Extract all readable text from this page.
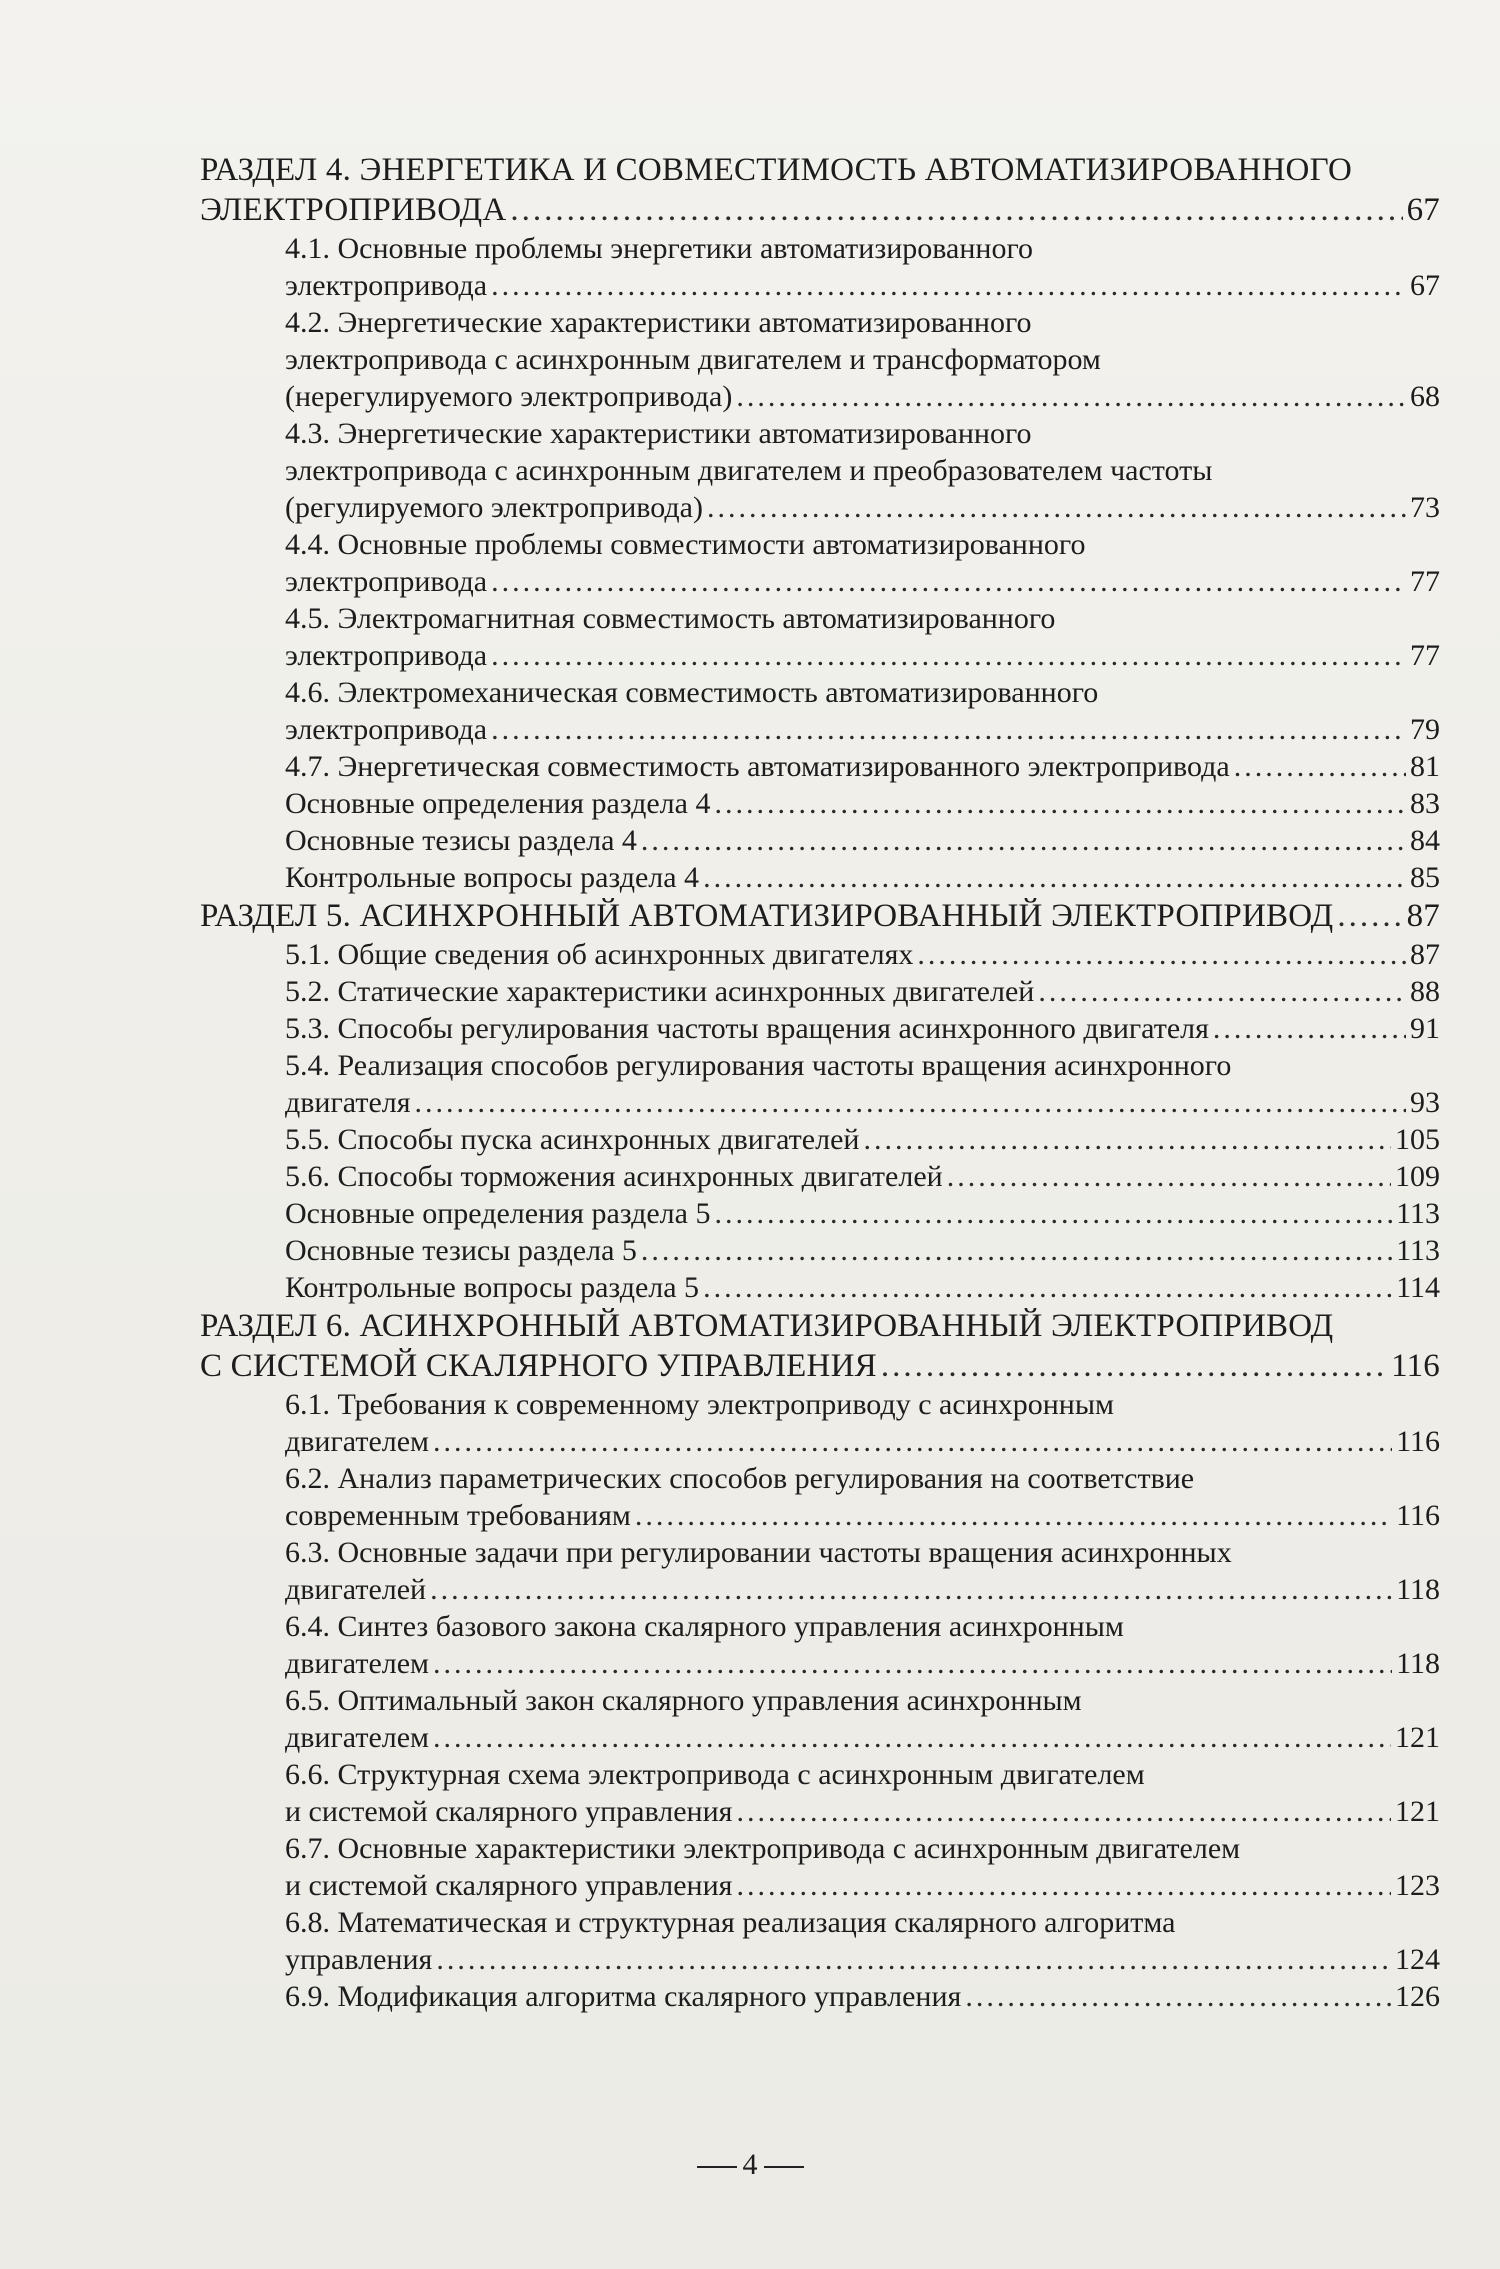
РАЗДЕЛ 4. ЭНЕРГЕТИКА И СОВМЕСТИМОСТЬ АВТОМАТИЗИРОВАННОГО
ЭЛЕКТРОПРИВОДА .....	67
4.1. Основные проблемы энергетики автоматизированного
электропривода .....	67
4.2. Энергетические характеристики автоматизированного
электропривода с асинхронным двигателем и трансформатором
(нерегулируемого электропривода) .....	68
4.3. Энергетические характеристики автоматизированного
электропривода с асинхронным двигателем и преобразователем частоты
(регулируемого электропривода) .....	73
4.4. Основные проблемы совместимости автоматизированного
электропривода .....	77
4.5. Электромагнитная совместимость автоматизированного
электропривода .....	77
4.6. Электромеханическая совместимость автоматизированного
электропривода .....	79
4.7. Энергетическая совместимость автоматизированного электропривода .....	81
Основные определения раздела 4 .....	83
Основные тезисы раздела 4 .....	84
Контрольные вопросы раздела 4 .....	85
РАЗДЕЛ 5. АСИНХРОННЫЙ АВТОМАТИЗИРОВАННЫЙ ЭЛЕКТРОПРИВОД ..... 87
5.1. Общие сведения об асинхронных двигателях .....	87
5.2. Статические характеристики асинхронных двигателей .....	88
5.3. Способы регулирования частоты вращения асинхронного двигателя .....	91
5.4. Реализация способов регулирования частоты вращения асинхронного
двигателя .....	93
5.5. Способы пуска асинхронных двигателей .....	105
5.6. Способы торможения асинхронных двигателей .....	109
Основные определения раздела 5 .....	113
Основные тезисы раздела 5 .....	113
Контрольные вопросы раздела 5 .....	114
РАЗДЕЛ 6. АСИНХРОННЫЙ АВТОМАТИЗИРОВАННЫЙ ЭЛЕКТРОПРИВОД
С СИСТЕМОЙ СКАЛЯРНОГО УПРАВЛЕНИЯ .....	116
6.1. Требования к современному электроприводу с асинхронным
двигателем .....	116
6.2. Анализ параметрических способов регулирования на соответствие
современным требованиям .....	116
6.3. Основные задачи при регулировании частоты вращения асинхронных
двигателей .....	118
6.4. Синтез базового закона скалярного управления асинхронным
двигателем .....	118
6.5. Оптимальный закон скалярного управления асинхронным
двигателем .....	121
6.6. Структурная схема электропривода с асинхронным двигателем
и системой скалярного управления .....	121
6.7. Основные характеристики электропривода с асинхронным двигателем
и системой скалярного управления .....	123
6.8. Математическая и структурная реализация скалярного алгоритма
управления .....	124
6.9. Модификация алгоритма скалярного управления .....	126
4
